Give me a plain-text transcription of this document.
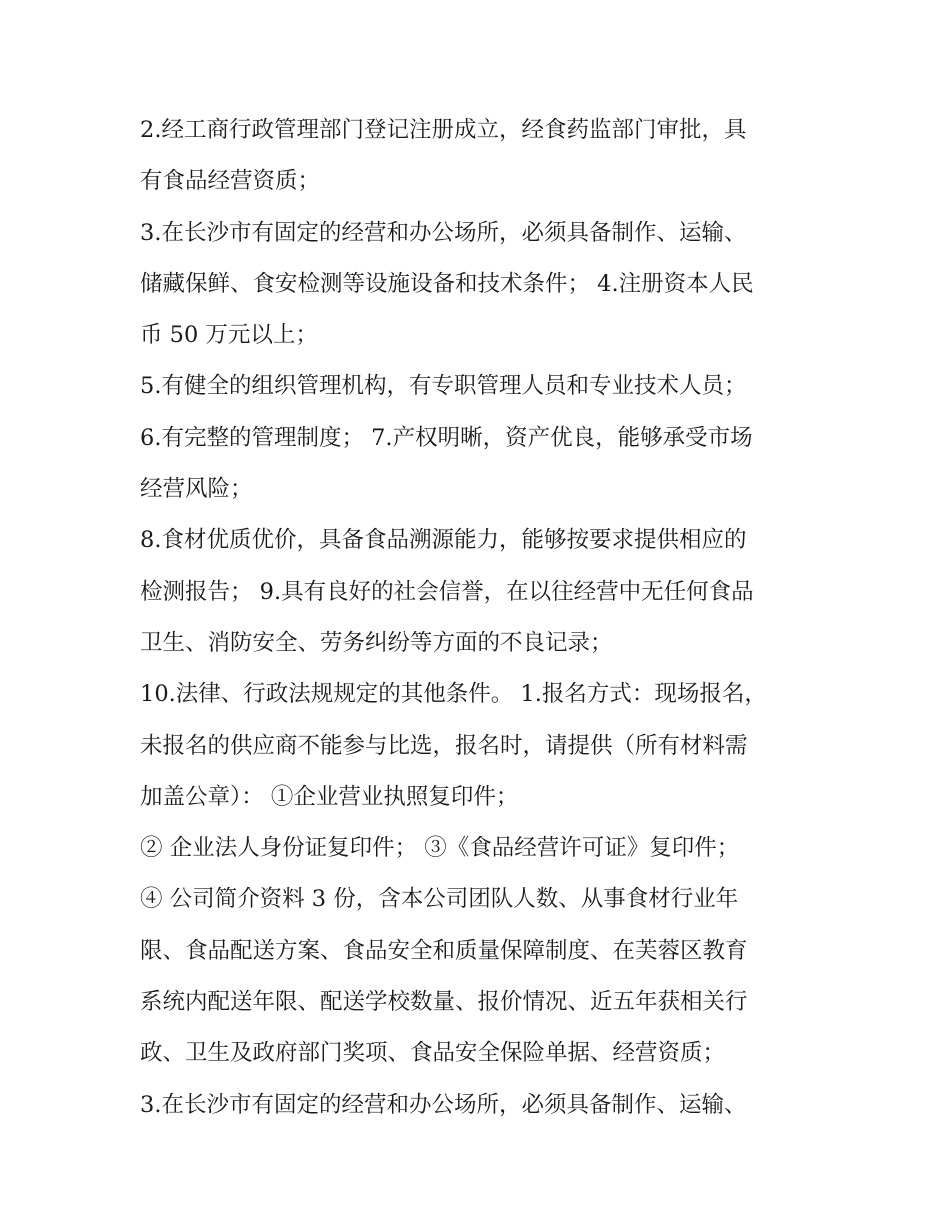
2.经工商行政管理部门登记注册成立，经食药监部门审批，具
有食品经营资质；
3.在长沙市有固定的经营和办公场所，必须具备制作、运输、
储藏保鲜、食安检测等设施设备和技术条件； 4.注册资本人民
币 50 万元以上；
5.有健全的组织管理机构，有专职管理人员和专业技术人员；
6.有完整的管理制度； 7.产权明晰，资产优良，能够承受市场
经营风险；
8.食材优质优价，具备食品溯源能力，能够按要求提供相应的
检测报告； 9.具有良好的社会信誉，在以往经营中无任何食品
卫生、消防安全、劳务纠纷等方面的不良记录；
10.法律、行政法规规定的其他条件。 1.报名方式：现场报名，
未报名的供应商不能参与比选，报名时，请提供（所有材料需
加盖公章）： ①企业营业执照复印件；
② 企业法人身份证复印件； ③《食品经营许可证》复印件；
④ 公司简介资料 3 份，含本公司团队人数、从事食材行业年
限、食品配送方案、食品安全和质量保障制度、在芙蓉区教育
系统内配送年限、配送学校数量、报价情况、近五年获相关行
政、卫生及政府部门奖项、食品安全保险单据、经营资质；
3.在长沙市有固定的经营和办公场所，必须具备制作、运输、
